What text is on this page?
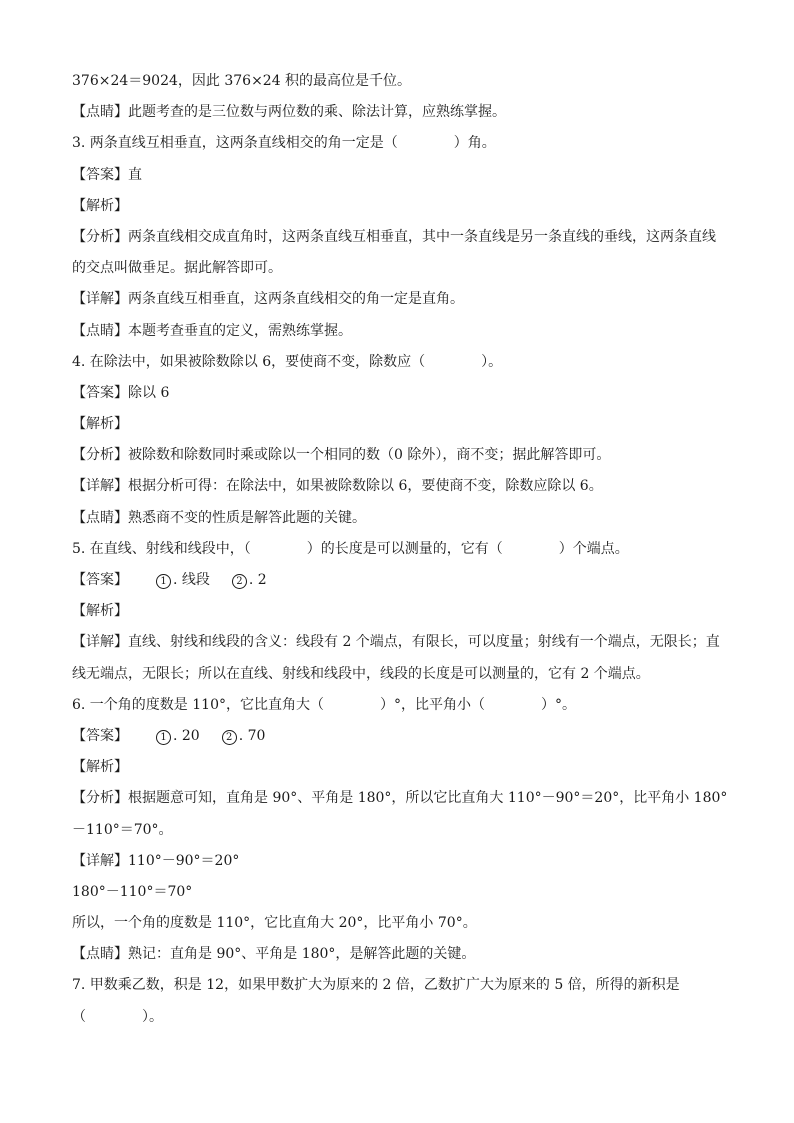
376×24＝9024，因此 376×24 积的最高位是千位。
【点睛】此题考查的是三位数与两位数的乘、除法计算，应熟练掌握。
3. 两条直线互相垂直，这两条直线相交的角一定是（　　　　）角。
【答案】直
【解析】
【分析】两条直线相交成直角时，这两条直线互相垂直，其中一条直线是另一条直线的垂线，这两条直线
的交点叫做垂足。据此解答即可。
【详解】两条直线互相垂直，这两条直线相交的角一定是直角。
【点睛】本题考查垂直的定义，需熟练掌握。
4. 在除法中，如果被除数除以 6，要使商不变，除数应（　　　　）。
【答案】除以 6
【解析】
【分析】被除数和除数同时乘或除以一个相同的数（0 除外），商不变；据此解答即可。
【详解】根据分析可得：在除法中，如果被除数除以 6，要使商不变，除数应除以 6。
【点睛】熟悉商不变的性质是解答此题的关键。
5. 在直线、射线和线段中，（　　　　）的长度是可以测量的，它有（　　　　）个端点。
【答案】	1 . 线段	2 . 2
【解析】
【详解】直线、射线和线段的含义：线段有 2 个端点，有限长，可以度量；射线有一个端点，无限长；直
线无端点，无限长；所以在直线、射线和线段中，线段的长度是可以测量的，它有 2 个端点。
6. 一个角的度数是 110°，它比直角大（　　　　）°，比平角小（　　　　）°。
【答案】	1 . 20	2 . 70
【解析】
【分析】根据题意可知，直角是 90°、平角是 180°，所以它比直角大 110°－90°＝20°，比平角小 180°
－110°＝70°。
【详解】110°－90°＝20°
180°－110°＝70°
所以，一个角的度数是 110°，它比直角大 20°，比平角小 70°。
【点睛】熟记：直角是 90°、平角是 180°，是解答此题的关键。
7. 甲数乘乙数，积是 12，如果甲数扩大为原来的 2 倍，乙数扩广大为原来的 5 倍，所得的新积是
（　　　　）。
